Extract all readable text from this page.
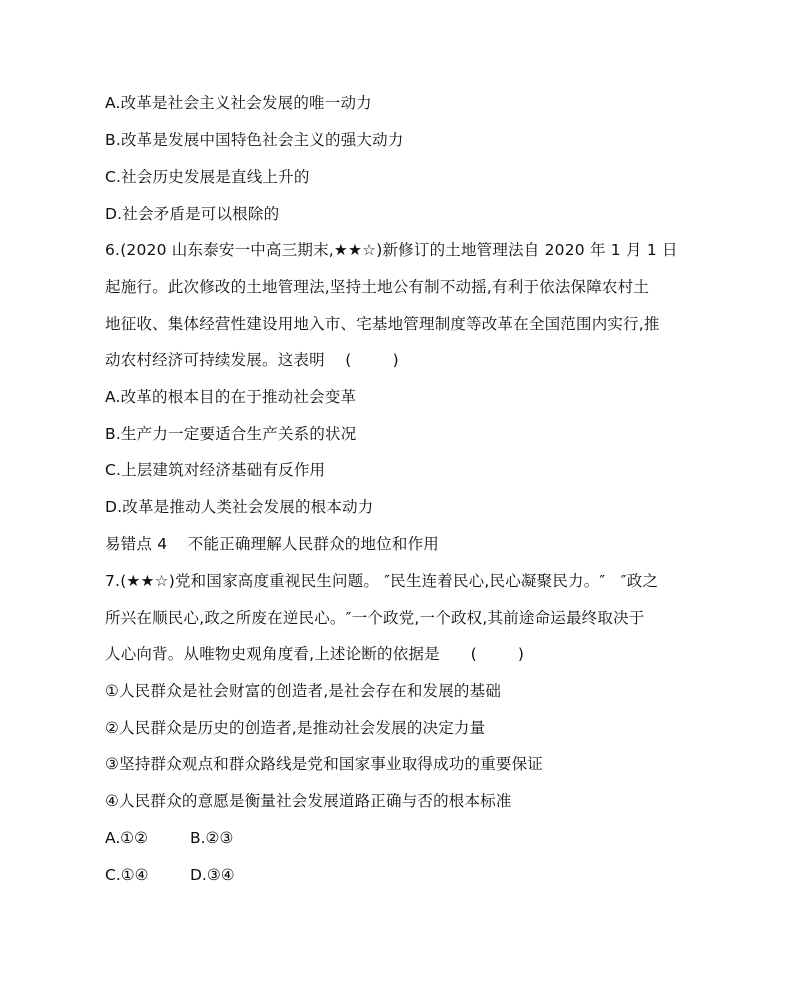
A.改革是社会主义社会发展的唯一动力
B.改革是发展中国特色社会主义的强大动力
C.社会历史发展是直线上升的
D.社会矛盾是可以根除的
6.(2020 山东泰安一中高三期末,★★☆)新修订的土地管理法自 2020 年 1 月 1 日
起施行。此次修改的土地管理法,坚持土地公有制不动摇,有利于依法保障农村土
地征收、集体经营性建设用地入市、宅基地管理制度等改革在全国范围内实行,推
动农村经济可持续发展。这表明    (        )
A.改革的根本目的在于推动社会变革
B.生产力一定要适合生产关系的状况
C.上层建筑对经济基础有反作用
D.改革是推动人类社会发展的根本动力
易错点 4    不能正确理解人民群众的地位和作用
7.(★★☆)党和国家高度重视民生问题。 ″民生连着民心,民心凝聚民力。″   ″政之
所兴在顺民心,政之所废在逆民心。″一个政党,一个政权,其前途命运最终取决于
人心向背。从唯物史观角度看,上述论断的依据是      (        )
①人民群众是社会财富的创造者,是社会存在和发展的基础
②人民群众是历史的创造者,是推动社会发展的决定力量
③坚持群众观点和群众路线是党和国家事业取得成功的重要保证
④人民群众的意愿是衡量社会发展道路正确与否的根本标准

A.①②

	B.②③

C.①④

	D.③④
